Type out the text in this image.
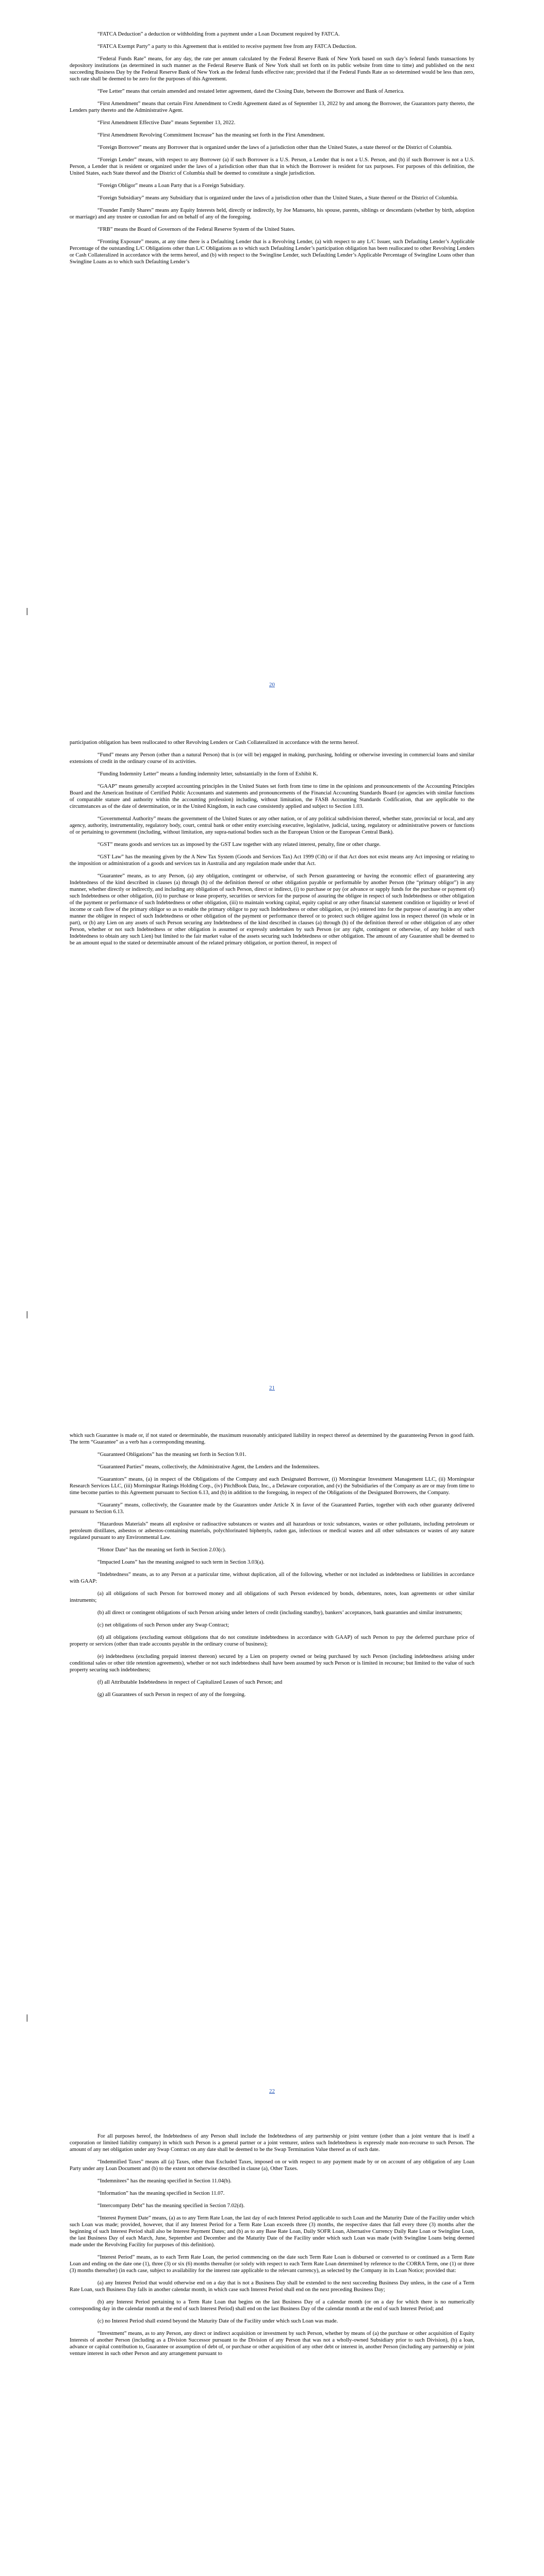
“FATCA Deduction” a deduction or withholding from a payment under a Loan Document required by FATCA.

“FATCA Exempt Party” a party to this Agreement that is entitled to receive payment free from any FATCA Deduction.

“Federal Funds Rate” means, for any day, the rate per annum calculated by the Federal Reserve Bank of New York based on such day’s federal funds transactions by depository institutions (as determined in such manner as the Federal Reserve Bank of New York shall set forth on its public website from time to time) and published on the next succeeding Business Day by the Federal Reserve Bank of New York as the federal funds effective rate; provided that if the Federal Funds Rate as so determined would be less than zero, such rate shall be deemed to be zero for the purposes of this Agreement.

“Fee Letter” means that certain amended and restated letter agreement, dated the Closing Date, between the Borrower and Bank of America.

“First Amendment” means that certain First Amendment to Credit Agreement dated as of September 13, 2022 by and among the Borrower, the Guarantors party thereto, the Lenders party thereto and the Administrative Agent.

“First Amendment Effective Date” means September 13, 2022.

“First Amendment Revolving Commitment Increase” has the meaning set forth in the First Amendment.

“Foreign Borrower” means any Borrower that is organized under the laws of a jurisdiction other than the United States, a state thereof or the District of Columbia.

“Foreign Lender” means, with respect to any Borrower (a) if such Borrower is a U.S. Person, a Lender that is not a U.S. Person, and (b) if such Borrower is not a U.S. Person, a Lender that is resident or organized under the laws of a jurisdiction other than that in which the Borrower is resident for tax purposes. For purposes of this definition, the United States, each State thereof and the District of Columbia shall be deemed to constitute a single jurisdiction.

“Foreign Obligor” means a Loan Party that is a Foreign Subsidiary.

“Foreign Subsidiary” means any Subsidiary that is organized under the laws of a jurisdiction other than the United States, a State thereof or the District of Columbia.

“Founder Family Shares” means any Equity Interests held, directly or indirectly, by Joe Mansueto, his spouse, parents, siblings or descendants (whether by birth, adoption or marriage) and any trustee or custodian for and on behalf of any of the foregoing.

“FRB” means the Board of Governors of the Federal Reserve System of the United States.

“Fronting Exposure” means, at any time there is a Defaulting Lender that is a Revolving Lender, (a) with respect to any L/C Issuer, such Defaulting Lender’s Applicable Percentage of the outstanding L/C Obligations other than L/C Obligations as to which such Defaulting Lender’s participation obligation has been reallocated to other Revolving Lenders or Cash Collateralized in accordance with the terms hereof, and (b) with respect to the Swingline Lender, such Defaulting Lender’s Applicable Percentage of Swingline Loans other than Swingline Loans as to which such Defaulting Lender’s

20

participation obligation has been reallocated to other Revolving Lenders or Cash Collateralized in accordance with the terms hereof.

“Fund” means any Person (other than a natural Person) that is (or will be) engaged in making, purchasing, holding or otherwise investing in commercial loans and similar extensions of credit in the ordinary course of its activities.

“Funding Indemnity Letter” means a funding indemnity letter, substantially in the form of Exhibit K.

“GAAP” means generally accepted accounting principles in the United States set forth from time to time in the opinions and pronouncements of the Accounting Principles Board and the American Institute of Certified Public Accountants and statements and pronouncements of the Financial Accounting Standards Board (or agencies with similar functions of comparable stature and authority within the accounting profession) including, without limitation, the FASB Accounting Standards Codification, that are applicable to the circumstances as of the date of determination, or in the United Kingdom, in each case consistently applied and subject to Section 1.03.

“Governmental Authority” means the government of the United States or any other nation, or of any political subdivision thereof, whether state, provincial or local, and any agency, authority, instrumentality, regulatory body, court, central bank or other entity exercising executive, legislative, judicial, taxing, regulatory or administrative powers or functions of or pertaining to government (including, without limitation, any supra-national bodies such as the European Union or the European Central Bank).

“GST” means goods and services tax as imposed by the GST Law together with any related interest, penalty, fine or other charge.

“GST Law” has the meaning given by the A New Tax System (Goods and Services Tax) Act 1999 (Cth) or if that Act does not exist means any Act imposing or relating to the imposition or administration of a goods and services tax in Australia and any regulation made under that Act.

“Guarantee” means, as to any Person, (a) any obligation, contingent or otherwise, of such Person guaranteeing or having the economic effect of guaranteeing any Indebtedness of the kind described in clauses (a) through (h) of the definition thereof or other obligation payable or performable by another Person (the “primary obligor”) in any manner, whether directly or indirectly, and including any obligation of such Person, direct or indirect, (i) to purchase or pay (or advance or supply funds for the purchase or payment of) such Indebtedness or other obligation, (ii) to purchase or lease property, securities or services for the purpose of assuring the obligee in respect of such Indebtedness or other obligation of the payment or performance of such Indebtedness or other obligation, (iii) to maintain working capital, equity capital or any other financial statement condition or liquidity or level of income or cash flow of the primary obligor so as to enable the primary obligor to pay such Indebtedness or other obligation, or (iv) entered into for the purpose of assuring in any other manner the obligee in respect of such Indebtedness or other obligation of the payment or performance thereof or to protect such obligee against loss in respect thereof (in whole or in part), or (b) any Lien on any assets of such Person securing any Indebtedness of the kind described in clauses (a) through (h) of the definition thereof or other obligation of any other Person, whether or not such Indebtedness or other obligation is assumed or expressly undertaken by such Person (or any right, contingent or otherwise, of any holder of such Indebtedness to obtain any such Lien) but limited to the fair market value of the assets securing such Indebtedness or other obligation. The amount of any Guarantee shall be deemed to be an amount equal to the stated or determinable amount of the related primary obligation, or portion thereof, in respect of

21

which such Guarantee is made or, if not stated or determinable, the maximum reasonably anticipated liability in respect thereof as determined by the guaranteeing Person in good faith. The term “Guarantee” as a verb has a corresponding meaning.

“Guaranteed Obligations” has the meaning set forth in Section 9.01.

“Guaranteed Parties” means, collectively, the Administrative Agent, the Lenders and the Indemnitees.

“Guarantors” means, (a) in respect of the Obligations of the Company and each Designated Borrower, (i) Morningstar Investment Management LLC, (ii) Morningstar Research Services LLC, (iii) Morningstar Ratings Holding Corp., (iv) PitchBook Data, Inc., a Delaware corporation, and (v) the Subsidiaries of the Company as are or may from time to time become parties to this Agreement pursuant to Section 6.13, and (b) in addition to the foregoing, in respect of the Obligations of the Designated Borrowers, the Company.

“Guaranty” means, collectively, the Guarantee made by the Guarantors under Article X in favor of the Guaranteed Parties, together with each other guaranty delivered pursuant to Section 6.13.

“Hazardous Materials” means all explosive or radioactive substances or wastes and all hazardous or toxic substances, wastes or other pollutants, including petroleum or petroleum distillates, asbestos or asbestos-containing materials, polychlorinated biphenyls, radon gas, infectious or medical wastes and all other substances or wastes of any nature regulated pursuant to any Environmental Law.

“Honor Date” has the meaning set forth in Section 2.03(c).

“Impacted Loans” has the meaning assigned to such term in Section 3.03(a).

“Indebtedness” means, as to any Person at a particular time, without duplication, all of the following, whether or not included as indebtedness or liabilities in accordance with GAAP:

(a) all obligations of such Person for borrowed money and all obligations of such Person evidenced by bonds, debentures, notes, loan agreements or other similar instruments;

(b) all direct or contingent obligations of such Person arising under letters of credit (including standby), bankers’ acceptances, bank guaranties and similar instruments;

(c) net obligations of such Person under any Swap Contract;

(d) all obligations (excluding earnout obligations that do not constitute indebtedness in accordance with GAAP) of such Person to pay the deferred purchase price of property or services (other than trade accounts payable in the ordinary course of business);

(e) indebtedness (excluding prepaid interest thereon) secured by a Lien on property owned or being purchased by such Person (including indebtedness arising under conditional sales or other title retention agreements), whether or not such indebtedness shall have been assumed by such Person or is limited in recourse; but limited to the value of such property securing such indebtedness;

(f) all Attributable Indebtedness in respect of Capitalized Leases of such Person; and

(g) all Guarantees of such Person in respect of any of the foregoing.

22

For all purposes hereof, the Indebtedness of any Person shall include the Indebtedness of any partnership or joint venture (other than a joint venture that is itself a corporation or limited liability company) in which such Person is a general partner or a joint venturer, unless such Indebtedness is expressly made non-recourse to such Person. The amount of any net obligation under any Swap Contract on any date shall be deemed to be the Swap Termination Value thereof as of such date.

“Indemnified Taxes” means all (a) Taxes, other than Excluded Taxes, imposed on or with respect to any payment made by or on account of any obligation of any Loan Party under any Loan Document and (b) to the extent not otherwise described in clause (a), Other Taxes.

“Indemnitees” has the meaning specified in Section 11.04(b).

“Information” has the meaning specified in Section 11.07.

“Intercompany Debt” has the meaning specified in Section 7.02(d).

“Interest Payment Date” means, (a) as to any Term Rate Loan, the last day of each Interest Period applicable to such Loan and the Maturity Date of the Facility under which such Loan was made; provided, however, that if any Interest Period for a Term Rate Loan exceeds three (3) months, the respective dates that fall every three (3) months after the beginning of such Interest Period shall also be Interest Payment Dates; and (b) as to any Base Rate Loan, Daily SOFR Loan, Alternative Currency Daily Rate Loan or Swingline Loan, the last Business Day of each March, June, September and December and the Maturity Date of the Facility under which such Loan was made (with Swingline Loans being deemed made under the Revolving Facility for purposes of this definition).

“Interest Period” means, as to each Term Rate Loan, the period commencing on the date such Term Rate Loan is disbursed or converted to or continued as a Term Rate Loan and ending on the date one (1), three (3) or six (6) months thereafter (or solely with respect to each Term Rate Loan determined by reference to the CORRA Term, one (1) or three (3) months thereafter) (in each case, subject to availability for the interest rate applicable to the relevant currency), as selected by the Company in its Loan Notice; provided that:

(a) any Interest Period that would otherwise end on a day that is not a Business Day shall be extended to the next succeeding Business Day unless, in the case of a Term Rate Loan, such Business Day falls in another calendar month, in which case such Interest Period shall end on the next preceding Business Day;

(b) any Interest Period pertaining to a Term Rate Loan that begins on the last Business Day of a calendar month (or on a day for which there is no numerically corresponding day in the calendar month at the end of such Interest Period) shall end on the last Business Day of the calendar month at the end of such Interest Period; and

(c) no Interest Period shall extend beyond the Maturity Date of the Facility under which such Loan was made.

“Investment” means, as to any Person, any direct or indirect acquisition or investment by such Person, whether by means of (a) the purchase or other acquisition of Equity Interests of another Person (including as a Division Successor pursuant to the Division of any Person that was not a wholly-owned Subsidiary prior to such Division), (b) a loan, advance or capital contribution to, Guarantee or assumption of debt of, or purchase or other acquisition of any other debt or interest in, another Person (including any partnership or joint venture interest in such other Person and any arrangement pursuant to
